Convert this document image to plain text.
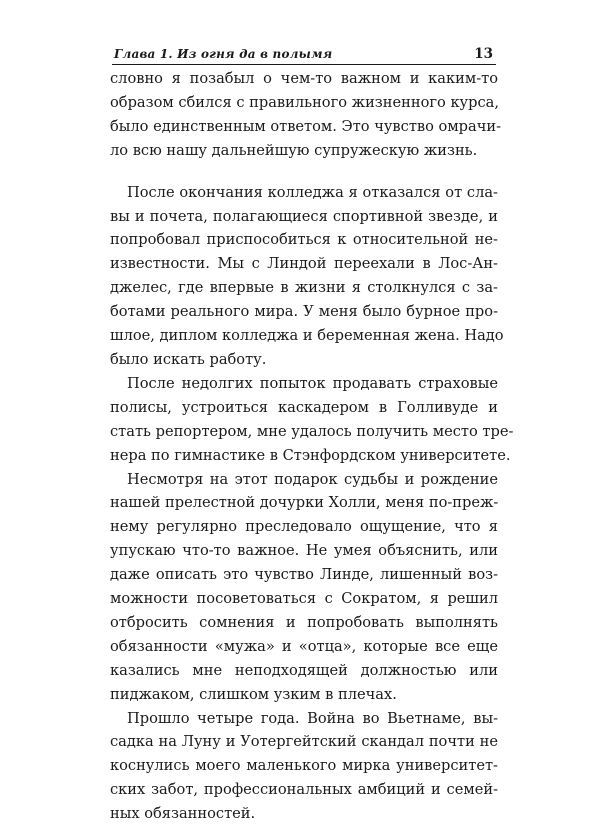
Глава 1. Из огня да в полымя	13

словно я позабыл о чем-то важном и каким-то
образом сбился с правильного жизненного курса,
было единственным ответом. Это чувство омрачи-
ло всю нашу дальнейшую супружескую жизнь.

После окончания колледжа я отказался от сла-
вы и почета, полагающиеся спортивной звезде, и
попробовал приспособиться к относительной не-
известности. Мы с Линдой переехали в Лос-Ан-
джелес, где впервые в жизни я столкнулся с за-
ботами реального мира. У меня было бурное про-
шлое, диплом колледжа и беременная жена. Надо
было искать работу.

После недолгих попыток продавать страховые
полисы, устроиться каскадером в Голливуде и
стать репортером, мне удалось получить место тре-
нера по гимнастике в Стэнфордском университете.

Несмотря на этот подарок судьбы и рождение
нашей прелестной дочурки Холли, меня по-преж-
нему регулярно преследовало ощущение, что я
упускаю что-то важное. Не умея объяснить, или
даже описать это чувство Линде, лишенный воз-
можности посоветоваться с Сократом, я решил
отбросить сомнения и попробовать выполнять
обязанности «мужа» и «отца», которые все еще
казались мне неподходящей должностью или
пиджаком, слишком узким в плечах.

Прошло четыре года. Война во Вьетнаме, вы-
садка на Луну и Уотергейтский скандал почти не
коснулись моего маленького мирка университет-
ских забот, профессиональных амбиций и семей-
ных обязанностей.
